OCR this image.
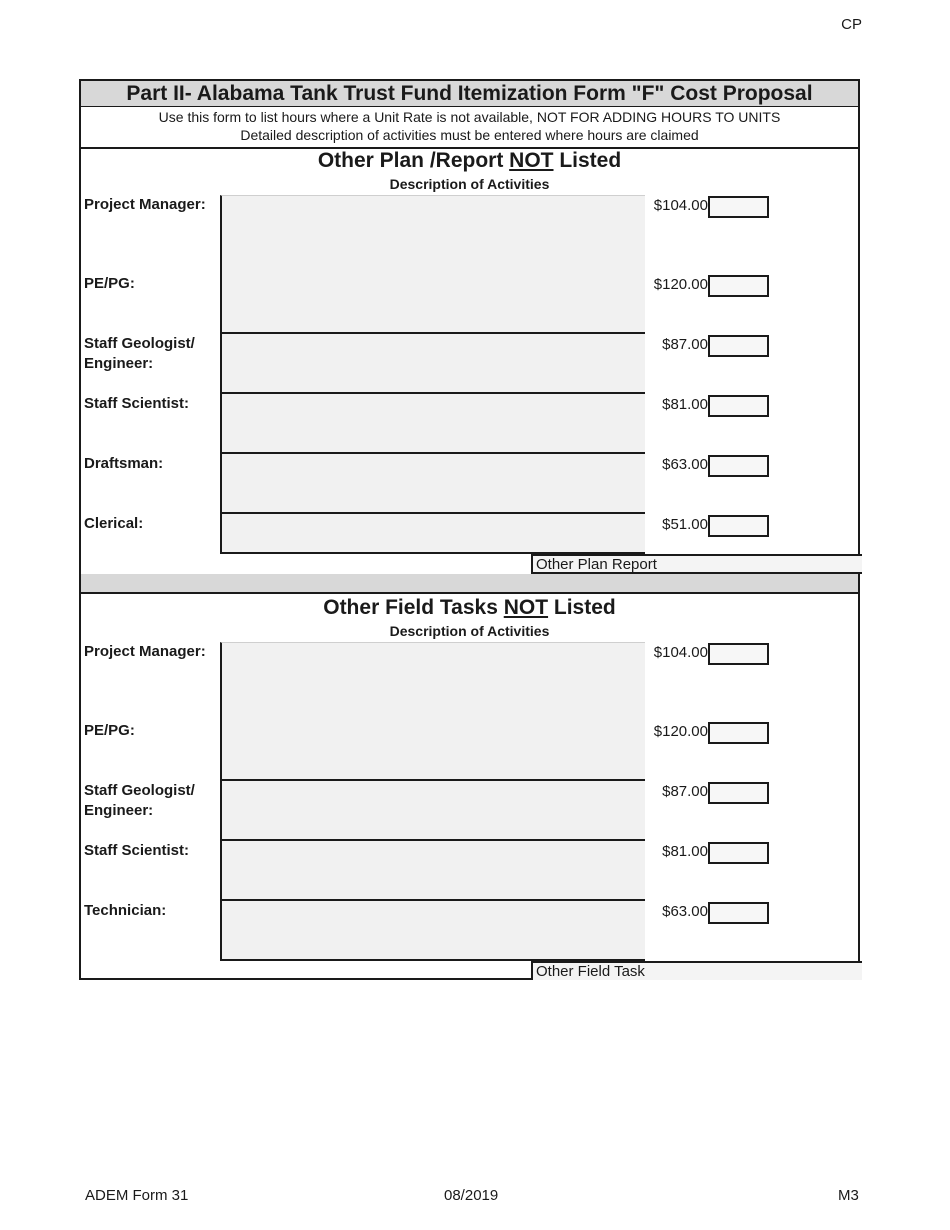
CP
Part II- Alabama Tank Trust Fund Itemization Form "F" Cost Proposal
Use this form to list hours where a Unit Rate is not available, NOT FOR ADDING HOURS TO UNITS
Detailed description of activities must be entered where hours are claimed
Other Plan /Report NOT Listed
Description of Activities
Project Manager:	$104.00
PE/PG:	$120.00
Staff Geologist/
Engineer:
$87.00
Staff Scientist:	$81.00
Draftsman:	$63.00
Clerical:	$51.00
Other Plan Report
Other Field Tasks NOT Listed
Description of Activities
Project Manager:	$104.00
PE/PG:	$120.00
Staff Geologist/
Engineer:
$87.00
Staff Scientist:	$81.00
Technician:	$63.00
Other Field Task
ADEM Form 31	08/2019	M3
